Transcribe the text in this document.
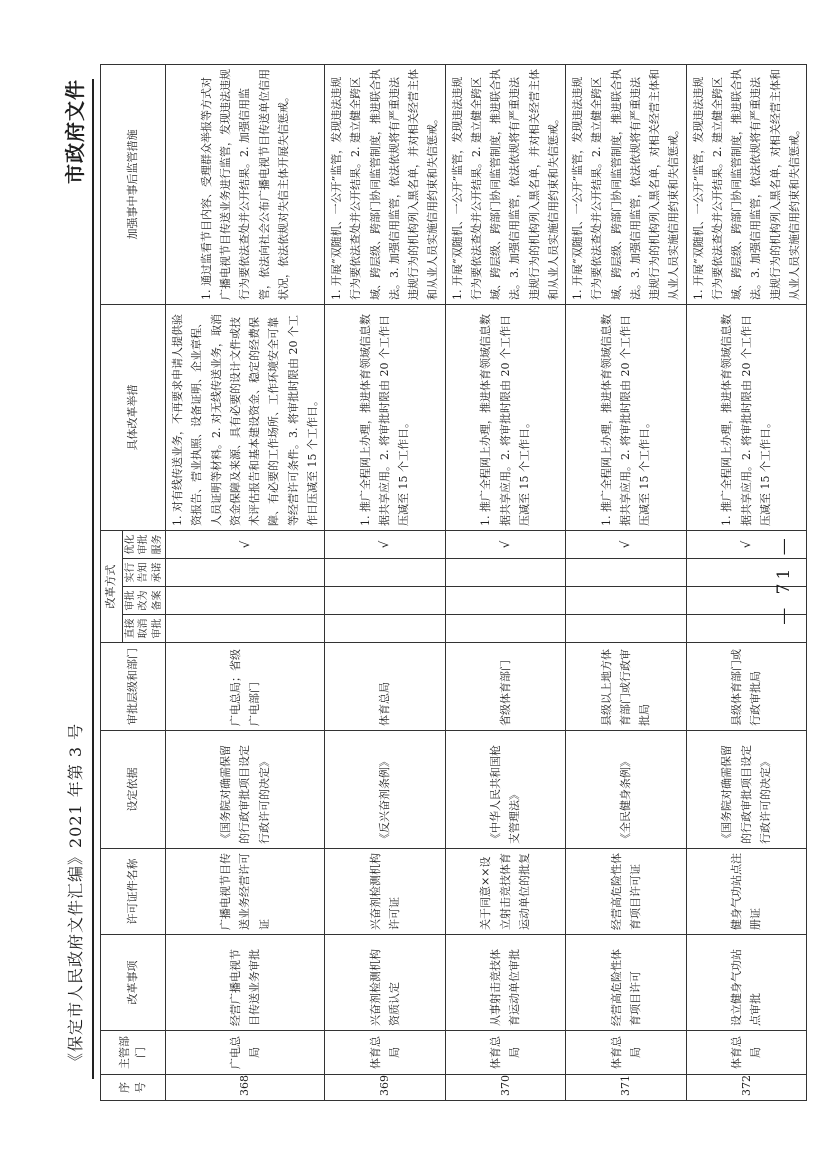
《保定市人民政府文件汇编》2021 年第 3 号
市政府文件
序号	主管部门	改革事项	许可证件名称	设定依据	审批层级和部门	改革方式				具体改革举措	加强事中事后监管措施
						直接取消审批	审批改为备案	实行告知承诺	优化审批服务		
368	广电总局	经营广播电视节目传送业务审批	广播电视节目传送业务经营许可证	《国务院对确需保留的行政审批项目设定行政许可的决定》	广电总局；省级广电部门				√	1. 对有线传送业务，不再要求申请人提供验资报告、营业执照、设备证明、企业章程、人员证明等材料。2. 对无线传送业务，取消资金保障及来源、具有必要的设计文件或技术评估报告和基本建设资金、稳定的经费保障、有必要的工作场所、工作环境安全可靠等经营许可条件。3. 将审批时限由 20 个工作日压减至 15 个工作日。	1. 通过监看节目内容、受理群众举报等方式对广播电视节目传送业务进行监管，发现违法违规行为要依法查处并公开结果。2. 加强信用监管，依法向社会公布广播电视节目传送单位信用状况，依法依规对失信主体开展失信惩戒。
369	体育总局	兴奋剂检测机构资质认定	兴奋剂检测机构许可证	《反兴奋剂条例》	体育总局				√	1. 推广全程网上办理，推进体育领域信息数据共享应用。2. 将审批时限由 20 个工作日压减至 15 个工作日。	1. 开展“双随机、一公开”监管，发现违法违规行为要依法查处并公开结果。2. 建立健全跨区域、跨层级、跨部门协同监管制度，推进联合执法。3. 加强信用监管，依法依规将有严重违法违规行为的机构列入黑名单，并对相关经营主体和从业人员实施信用约束和失信惩戒。
370	体育总局	从事射击竞技体育运动单位审批	关于同意××设立射击竞技体育运动单位的批复	《中华人民共和国枪支管理法》	省级体育部门				√	1. 推广全程网上办理，推进体育领域信息数据共享应用。2. 将审批时限由 20 个工作日压减至 15 个工作日。	1. 开展“双随机、一公开”监管，发现违法违规行为要依法查处并公开结果。2. 建立健全跨区域、跨层级、跨部门协同监管制度，推进联合执法。3. 加强信用监管，依法依规将有严重违法违规行为的机构列入黑名单，并对相关经营主体和从业人员实施信用约束和失信惩戒。
371	体育总局	经营高危险性体育项目许可	经营高危险性体育项目许可证	《全民健身条例》	县级以上地方体育部门或行政审批局				√	1. 推广全程网上办理，推进体育领域信息数据共享应用。2. 将审批时限由 20 个工作日压减至 15 个工作日。	1. 开展“双随机、一公开”监管，发现违法违规行为要依法查处并公开结果。2. 建立健全跨区域、跨层级、跨部门协同监管制度，推进联合执法。3. 加强信用监管，依法依规将有严重违法违规行为的机构列入黑名单，对相关经营主体和从业人员实施信用约束和失信惩戒。
372	体育总局	设立健身气功站点审批	健身气功站点注册证	《国务院对确需保留的行政审批项目设定行政许可的决定》	县级体育部门或行政审批局				√	1. 推广全程网上办理，推进体育领域信息数据共享应用。2. 将审批时限由 20 个工作日压减至 15 个工作日。	1. 开展“双随机、一公开”监管，发现违法违规行为要依法查处并公开结果。2. 建立健全跨区域、跨层级、跨部门协同监管制度，推进联合执法。3. 加强信用监管，依法依规将有严重违法违规行为的机构列入黑名单，对相关经营主体和从业人员实施信用约束和失信惩戒。
— 71 —
